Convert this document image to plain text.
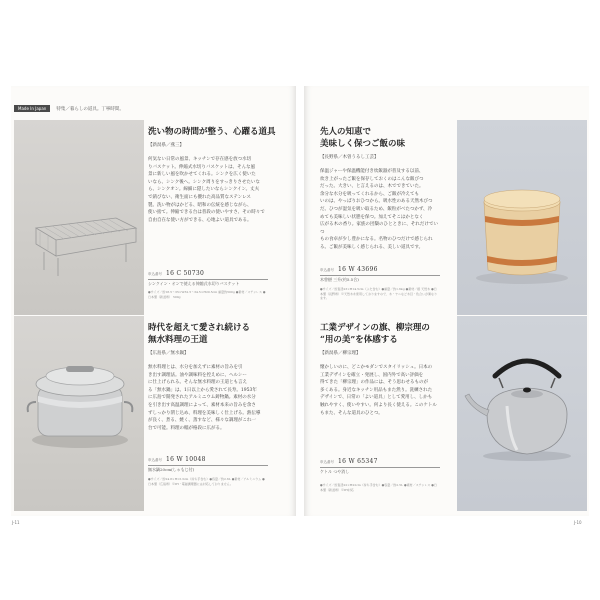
Made In Japan	特集／暮らしの道具。丁寧時間。
洗い物の時間が整う、心躍る道具
【新潟県／燕三】
何気ない日常の風景、キッチンで存在感を放つ水切
りバスケット。伸縮式水切りバスケットは、そんな風
景に新しい風を吹かせてくれる。シンクを広く使いた
いなら、シンク後へ。シンク周りをすっきりさせたいな
ら、シンクオン。線細に隠したいならシンクイン。丈夫
で錆びない、衛生面にも優れた高品質なステンレス
製。洗い物がはかどる、昭和の伝統を感じながら、
使い捨て。伸縮できる台は普段の使いやすさ、その時々で
自由自在な使い方ができる、心地よい道具である。
申込番号 16 C 50730
シンクイン・オンで使える伸縮式水切りバスケット
●サイズ／約18.5〜35×W32.5〜34.5×H20.5cm 重量約500g ●素材／ステンレス ●日本製（新潟県） 500g
先人の知恵で
美味しく保つご飯の味
【長野県／木曽うるし工芸】
保温ジャーや保温機能付き炊飯器が普及する以前、
炊き上がったご飯を保存しておくのはこんな飯びつ
だった。大きい、と言えるのは、木でできていた。
余分な水分を吸ってくれるから、ご飯が冷えても
いのは、やっぱりおひつから。吸水性のある天然木びつ
だ。ひつが湿気を吸い取るため、飯粒がべたつかず、冷
めても美味しい状態を保つ。加えてそこはかとなく
広がる木の香り。家族の団欒のひとときに、それだけでいつ
もの食卓が少し豊かになる。名物のひつだけで感じられ
る。ご飯が美味しく感じられる、美しい道具です。
申込番号 16 W 43696
木曽椹 三升(約5.5合)
●サイズ／約直径23×H14.5cm（ふた含む）●重量／約1.6kg ●素材／椹 天然木 ●日本製（長野県）※天然木を使用しておりますので、木・ヤニなど木目・色合いが異なります。
時代を超えて愛され続ける
無水料理の王道
【広島県／無水鍋】
無水料理とは、水分を加えずに素材の旨みを引
き出す調理法。油や調味料を控えめに、ヘルシー
に仕上げられる。そんな無水料理の王道とも言え
る「無水鍋」は、1日以上から愛されて長寿。1953年
に広島で開発されたアルミニウム鋳物鍋。素材の水分
を引き出す高温調理によって、素材本来の旨みを余さ
ずしっかり閉じ込め、料理を美味しく仕上げる。熱伝導
が良く、煮る、焼く、蒸すなど、様々な調理がこれ一
台で可能。料理の幅が格段に広がる。
申込番号 16 W 10048
無水鍋20cm(しゃもじ付)
●サイズ／約24.8×H13.3cm（持ち手含む）●容量／約2.6L ●素材／アルミニウム ●日本製（広島県）※IH・電磁調理器には対応しておりません。
工業デザインの旗、柳宗理の
“用の美”を体感する
【新潟県／柳宗理】
懐かしいのに、どこかモダンでスタイリッシュ。日本の
工業デザインを確立・発展し、国内外で高い評価を
得てきた「柳宗理」の作品には、そう思わせるものが
多くある。身近なキッチン用品もまた然り。洗練された
デザインで、日常の「よい道具」として愛用し、しかも
触れやすく、使いやすい。何より長く使える。このケトル
もまた、そんな道具のひとつ。
申込番号 16 W 65347
ケトル つや消し
●サイズ／約直径22×H22cm（持ち手含む）●容量／約2.5L ●素材／ステンレス ●日本製（新潟県）※IH対応
J-11	J-10
